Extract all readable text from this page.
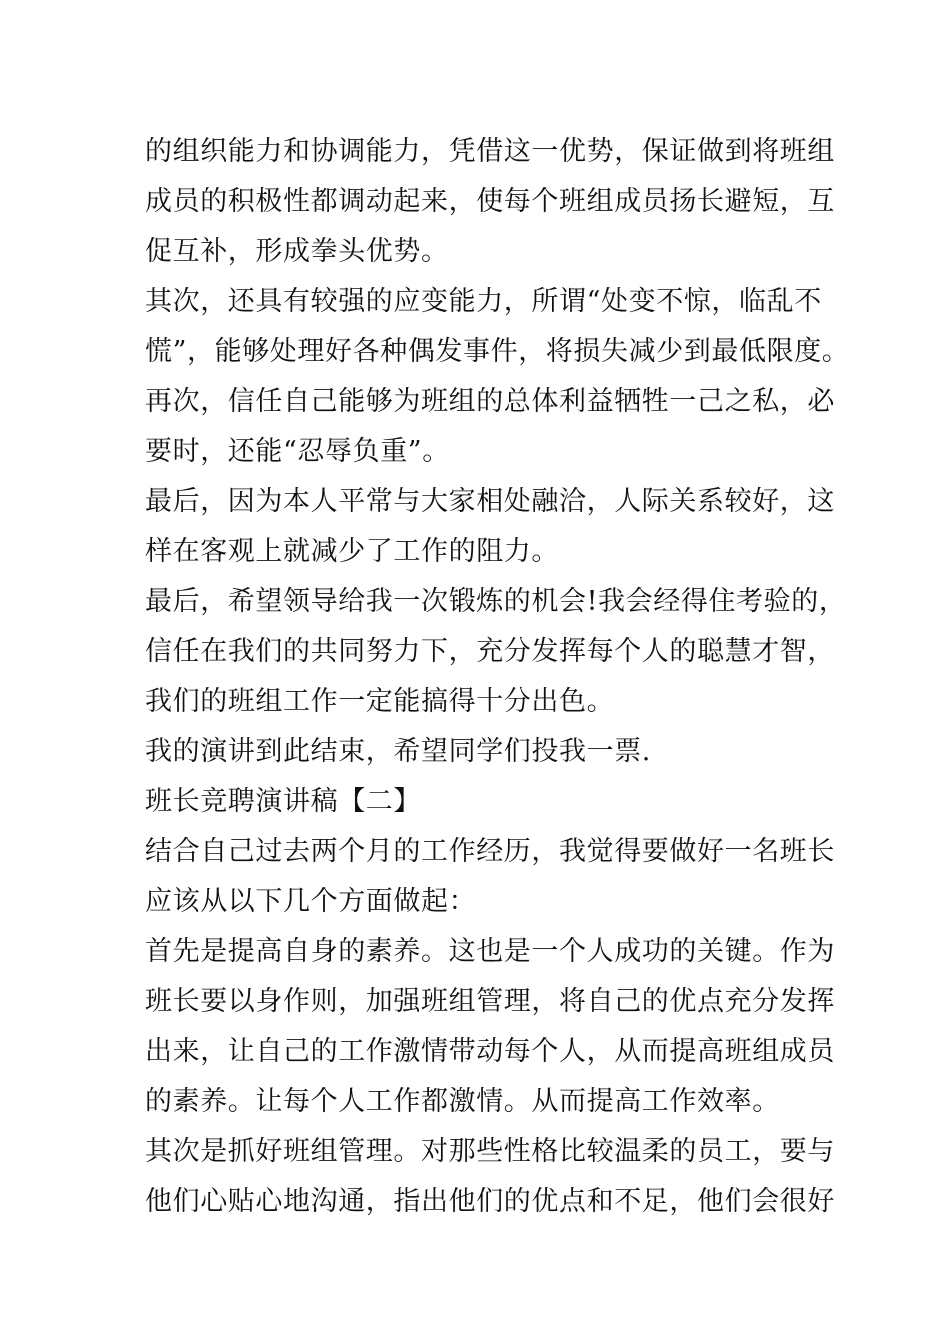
的组织能力和协调能力，凭借这一优势，保证做到将班组
成员的积极性都调动起来，使每个班组成员扬长避短，互
促互补，形成拳头优势。
其次，还具有较强的应变能力，所谓“处变不惊，临乱不
慌”，能够处理好各种偶发事件，将损失减少到最低限度。
再次，信任自己能够为班组的总体利益牺牲一己之私，必
要时，还能“忍辱负重”。
最后，因为本人平常与大家相处融洽，人际关系较好，这
样在客观上就减少了工作的阻力。
最后，希望领导给我一次锻炼的机会!我会经得住考验的，
信任在我们的共同努力下，充分发挥每个人的聪慧才智，
我们的班组工作一定能搞得十分出色。
我的演讲到此结束，希望同学们投我一票.
班长竞聘演讲稿【二】
结合自己过去两个月的工作经历，我觉得要做好一名班长
应该从以下几个方面做起：
首先是提高自身的素养。这也是一个人成功的关键。作为
班长要以身作则，加强班组管理，将自己的优点充分发挥
出来，让自己的工作激情带动每个人，从而提高班组成员
的素养。让每个人工作都激情。从而提高工作效率。
其次是抓好班组管理。对那些性格比较温柔的员工，要与
他们心贴心地沟通，指出他们的优点和不足，他们会很好
